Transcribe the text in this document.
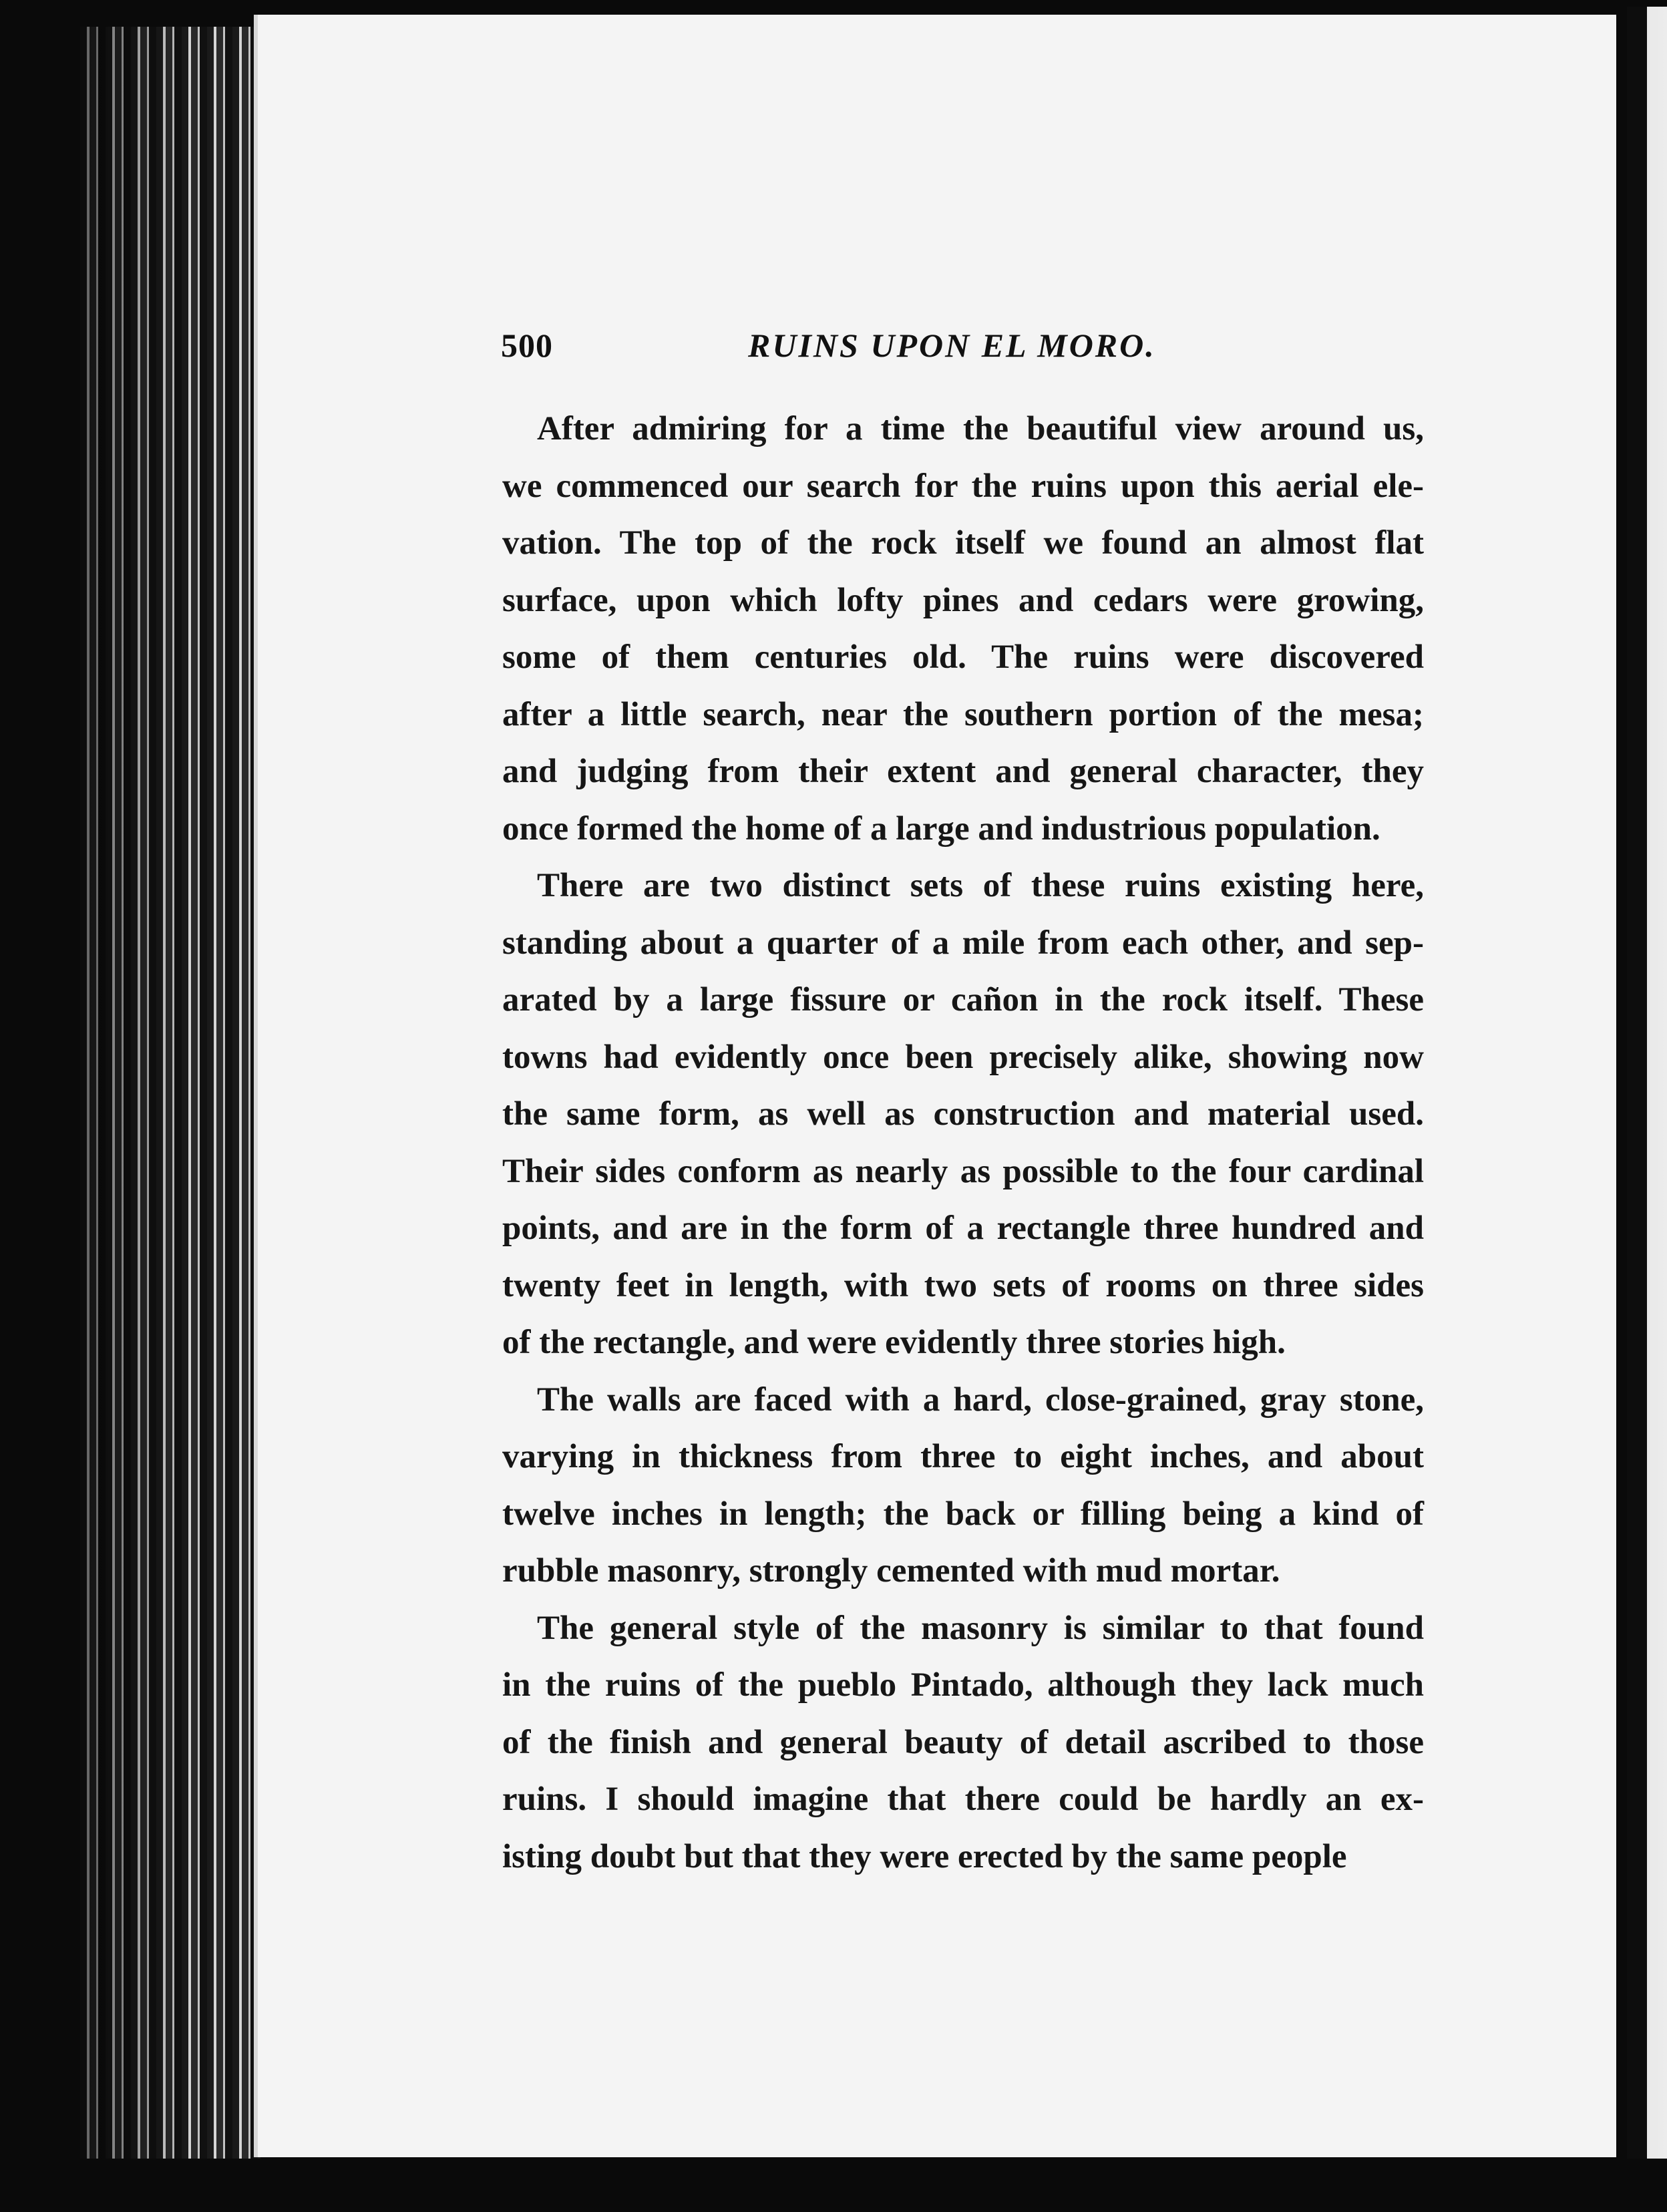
500	RUINS UPON EL MORO.
After admiring for a time the beautiful view around us,
we commenced our search for the ruins upon this aerial ele-
vation. The top of the rock itself we found an almost flat
surface, upon which lofty pines and cedars were growing,
some of them centuries old. The ruins were discovered
after a little search, near the southern portion of the mesa;
and judging from their extent and general character, they
once formed the home of a large and industrious population.
There are two distinct sets of these ruins existing here,
standing about a quarter of a mile from each other, and sep-
arated by a large fissure or cañon in the rock itself. These
towns had evidently once been precisely alike, showing now
the same form, as well as construction and material used.
Their sides conform as nearly as possible to the four cardinal
points, and are in the form of a rectangle three hundred and
twenty feet in length, with two sets of rooms on three sides
of the rectangle, and were evidently three stories high.
The walls are faced with a hard, close-grained, gray stone,
varying in thickness from three to eight inches, and about
twelve inches in length; the back or filling being a kind of
rubble masonry, strongly cemented with mud mortar.
The general style of the masonry is similar to that found
in the ruins of the pueblo Pintado, although they lack much
of the finish and general beauty of detail ascribed to those
ruins. I should imagine that there could be hardly an ex-
isting doubt but that they were erected by the same people
